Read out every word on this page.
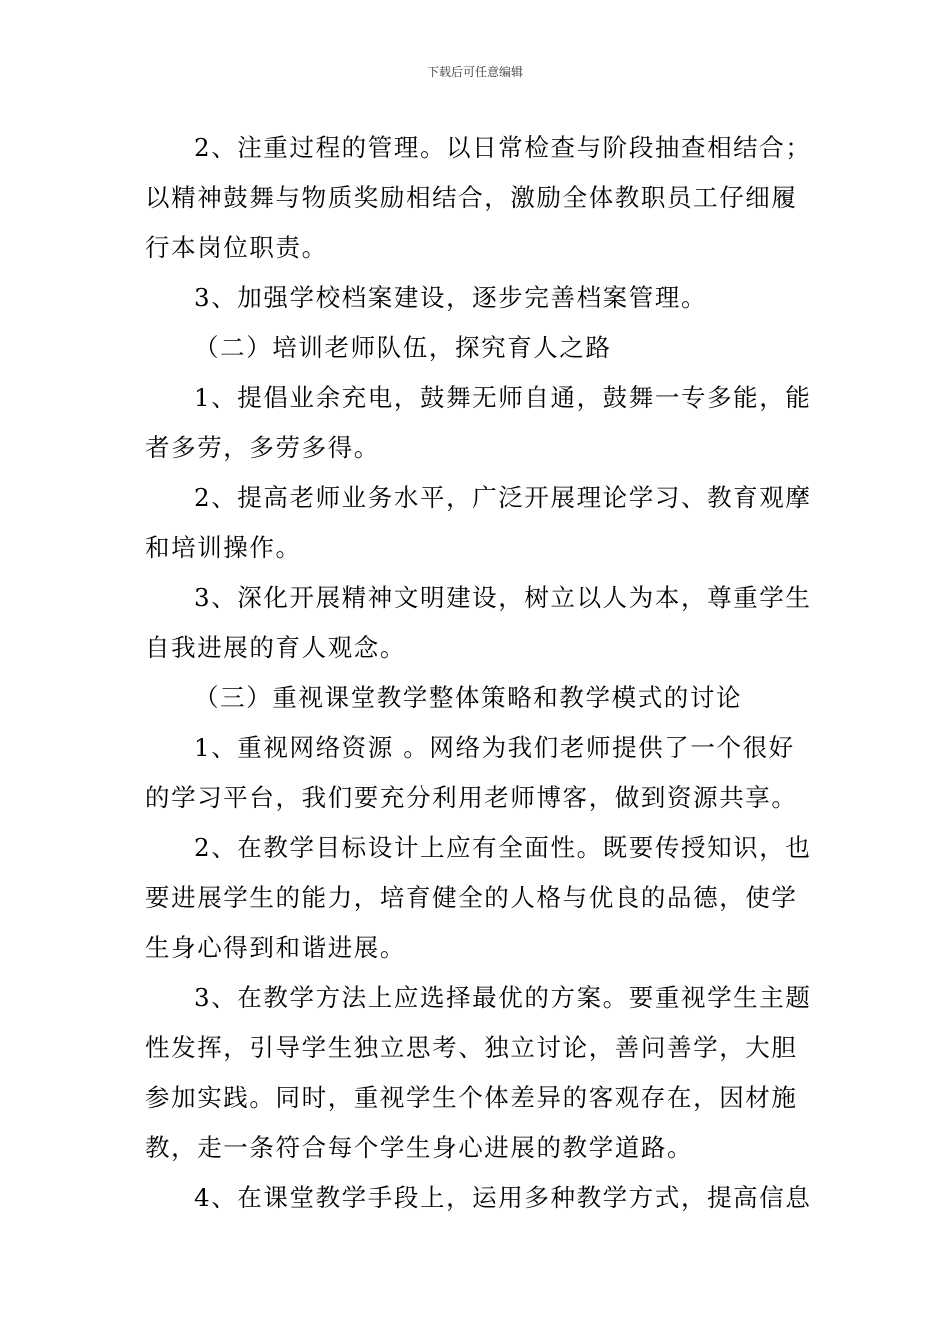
下载后可任意编辑
2、注重过程的管理。以日常检查与阶段抽查相结合；
以精神鼓舞与物质奖励相结合，激励全体教职员工仔细履
行本岗位职责。
3、加强学校档案建设，逐步完善档案管理。
（二）培训老师队伍，探究育人之路
1、提倡业余充电，鼓舞无师自通，鼓舞一专多能，能
者多劳，多劳多得。
2、提高老师业务水平，广泛开展理论学习、教育观摩
和培训操作。
3、深化开展精神文明建设，树立以人为本，尊重学生
自我进展的育人观念。
（三）重视课堂教学整体策略和教学模式的讨论
1、重视网络资源 。网络为我们老师提供了一个很好
的学习平台，我们要充分利用老师博客，做到资源共享。
2、在教学目标设计上应有全面性。既要传授知识，也
要进展学生的能力，培育健全的人格与优良的品德，使学
生身心得到和谐进展。
3、在教学方法上应选择最优的方案。要重视学生主题
性发挥，引导学生独立思考、独立讨论，善问善学，大胆
参加实践。同时，重视学生个体差异的客观存在，因材施
教，走一条符合每个学生身心进展的教学道路。
4、在课堂教学手段上，运用多种教学方式，提高信息
